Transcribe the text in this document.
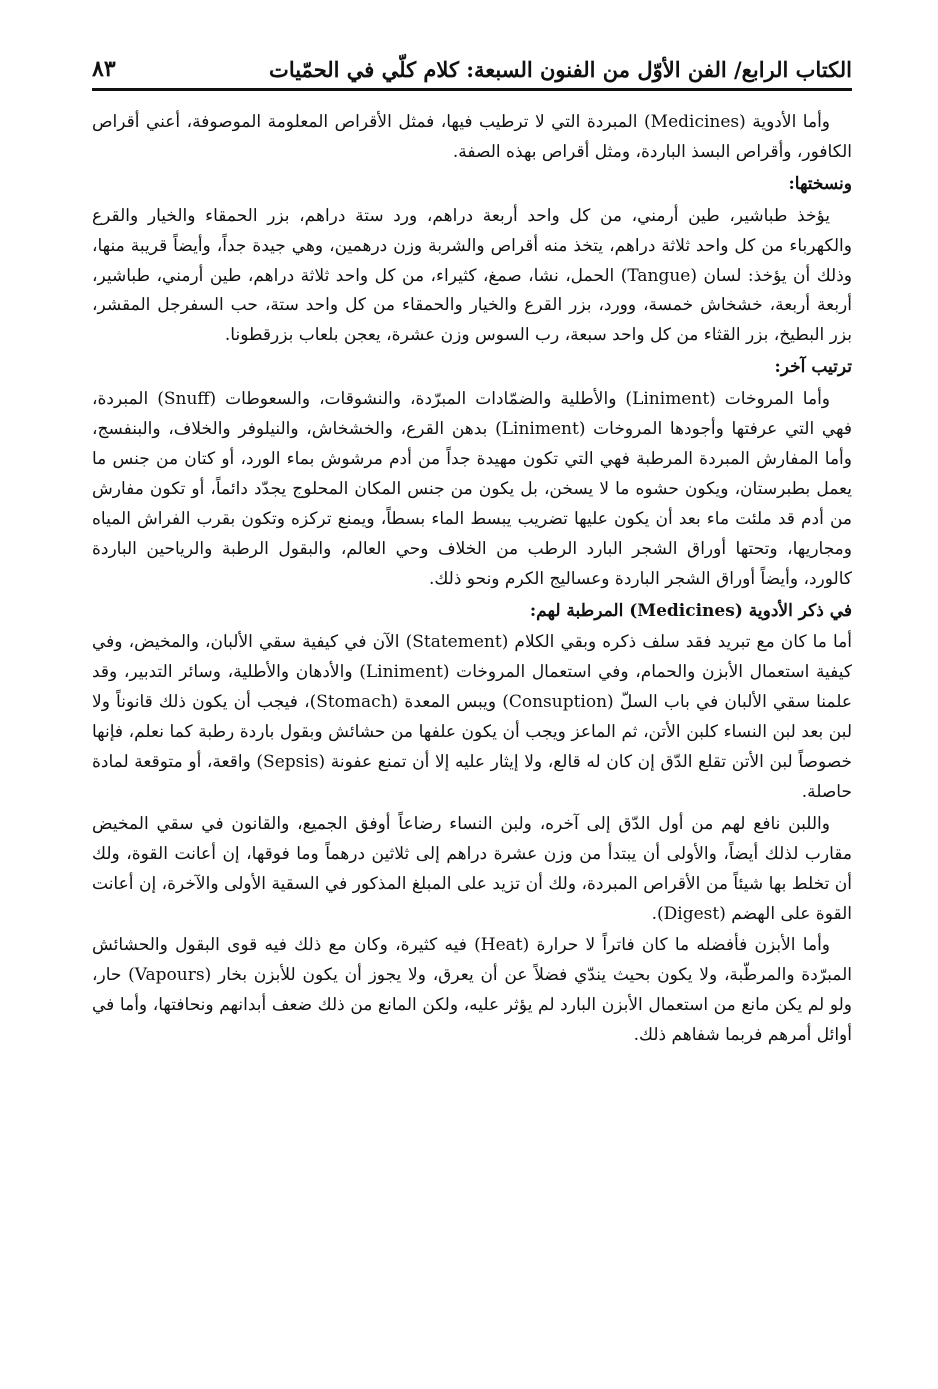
الكتاب الرابع/ الفن الأوّل من الفنون السبعة: كلام كلّي في الحمّيات
٨٣

وأما الأدوية (Medicines) المبردة التي لا ترطيب فيها، فمثل الأقراص المعلومة الموصوفة، أعني أقراص الكافور، وأقراص البسذ الباردة، ومثل أقراص بهذه الصفة.

ونسختها:

يؤخذ طباشير، طين أرمني، من كل واحد أربعة دراهم، ورد ستة دراهم، بزر الحمقاء والخيار والقرع والكهرباء من كل واحد ثلاثة دراهم، يتخذ منه أقراص والشربة وزن درهمين، وهي جيدة جداً، وأيضاً قريبة منها، وذلك أن يؤخذ: لسان (Tangue) الحمل، نشا، صمغ، كثيراء، من كل واحد ثلاثة دراهم، طين أرمني، طباشير، أربعة أربعة، خشخاش خمسة، وورد، بزر القرع والخيار والحمقاء من كل واحد ستة، حب السفرجل المقشر، بزر البطيخ، بزر القثاء من كل واحد سبعة، رب السوس وزن عشرة، يعجن بلعاب بزرقطونا.

ترتيب آخر:

وأما المروخات (Liniment) والأطلية والضمّادات المبرّدة، والنشوقات، والسعوطات (Snuff) المبردة، فهي التي عرفتها وأجودها المروخات (Liniment) بدهن القرع، والخشخاش، والنيلوفر والخلاف، والبنفسج، وأما المفارش المبردة المرطبة فهي التي تكون مهيدة جداً من أدم مرشوش بماء الورد، أو كتان من جنس ما يعمل بطبرستان، ويكون حشوه ما لا يسخن، بل يكون من جنس المكان المحلوج يجدّد دائماً، أو تكون مفارش من أدم قد ملئت ماء بعد أن يكون عليها تضريب يبسط الماء بسطاً، ويمنع تركزه وتكون بقرب الفراش المياه ومجاريها، وتحتها أوراق الشجر البارد الرطب من الخلاف وحي العالم، والبقول الرطبة والرياحين الباردة كالورد، وأيضاً أوراق الشجر الباردة وعساليج الكرم ونحو ذلك.

في ذكر الأدوية (Medicines) المرطبة لهم:

أما ما كان مع تبريد فقد سلف ذكره وبقي الكلام (Statement) الآن في كيفية سقي الألبان، والمخيض، وفي كيفية استعمال الأبزن والحمام، وفي استعمال المروخات (Liniment) والأدهان والأطلية، وسائر التدبير، وقد علمنا سقي الألبان في باب السلّ (Consuption) ويبس المعدة (Stomach)، فيجب أن يكون ذلك قانوناً ولا لبن بعد لبن النساء كلبن الأتن، ثم الماعز ويجب أن يكون علفها من حشائش وبقول باردة رطبة كما نعلم، فإنها خصوصاً لبن الأتن تقلع الدّق إن كان له قالع، ولا إيثار عليه إلا أن تمنع عفونة (Sepsis) واقعة، أو متوقعة لمادة حاصلة.

واللبن نافع لهم من أول الدّق إلى آخره، ولبن النساء رضاعاً أوفق الجميع، والقانون في سقي المخيض مقارب لذلك أيضاً، والأولى أن يبتدأ من وزن عشرة دراهم إلى ثلاثين درهماً وما فوقها، إن أعانت القوة، ولك أن تخلط بها شيئاً من الأقراص المبردة، ولك أن تزيد على المبلغ المذكور في السقية الأولى والآخرة، إن أعانت القوة على الهضم (Digest).

وأما الأبزن فأفضله ما كان فاتراً لا حرارة (Heat) فيه كثيرة، وكان مع ذلك فيه قوى البقول والحشائش المبرّدة والمرطّبة، ولا يكون بحيث يندّي فضلاً عن أن يعرق، ولا يجوز أن يكون للأبزن بخار (Vapours) حار، ولو لم يكن مانع من استعمال الأبزن البارد لم يؤثر عليه، ولكن المانع من ذلك ضعف أبدانهم ونحافتها، وأما في أوائل أمرهم فربما شفاهم ذلك.
